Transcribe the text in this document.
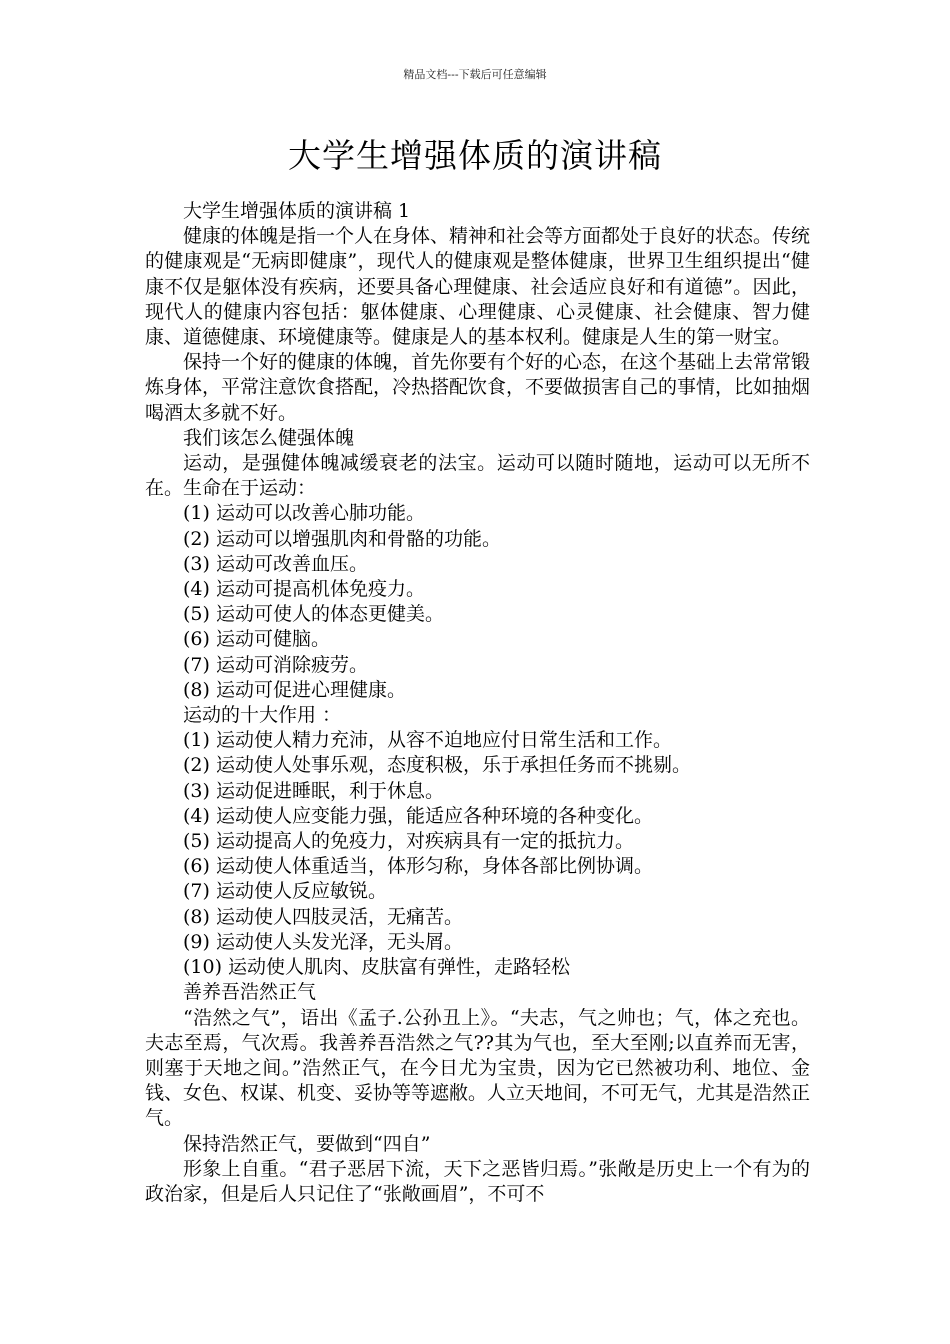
精品文档---下载后可任意编辑
大学生增强体质的演讲稿

大学生增强体质的演讲稿 1

健康的体魄是指一个人在身体、精神和社会等方面都处于良好的状态。传统的健康观是“无病即健康”，现代人的健康观是整体健康，世界卫生组织提出“健康不仅是躯体没有疾病，还要具备心理健康、社会适应良好和有道德”。因此，现代人的健康内容包括：躯体健康、心理健康、心灵健康、社会健康、智力健康、道德健康、环境健康等。健康是人的基本权利。健康是人生的第一财宝。

保持一个好的健康的体魄，首先你要有个好的心态，在这个基础上去常常锻炼身体，平常注意饮食搭配，冷热搭配饮食，不要做损害自己的事情，比如抽烟喝酒太多就不好。

我们该怎么健强体魄

运动，是强健体魄减缓衰老的法宝。运动可以随时随地，运动可以无所不在。生命在于运动：

(1) 运动可以改善心肺功能。

(2) 运动可以增强肌肉和骨骼的功能。

(3) 运动可改善血压。

(4) 运动可提高机体免疫力。

(5) 运动可使人的体态更健美。

(6) 运动可健脑。

(7) 运动可消除疲劳。

(8) 运动可促进心理健康。

运动的十大作用 ：

(1) 运动使人精力充沛，从容不迫地应付日常生活和工作。

(2) 运动使人处事乐观，态度积极，乐于承担任务而不挑剔。

(3) 运动促进睡眠，利于休息。

(4) 运动使人应变能力强，能适应各种环境的各种变化。

(5) 运动提高人的免疫力，对疾病具有一定的抵抗力。

(6) 运动使人体重适当，体形匀称，身体各部比例协调。

(7) 运动使人反应敏锐。

(8) 运动使人四肢灵活，无痛苦。

(9) 运动使人头发光泽，无头屑。

(10) 运动使人肌肉、皮肤富有弹性，走路轻松

善养吾浩然正气

“浩然之气”，语出《孟子.公孙丑上》。“夫志，气之帅也；气，体之充也。夫志至焉，气次焉。我善养吾浩然之气??其为气也，至大至刚;以直养而无害，则塞于天地之间。”浩然正气，在今日尤为宝贵，因为它已然被功利、地位、金钱、女色、权谋、机变、妥协等等遮敝。人立天地间，不可无气，尤其是浩然正气。

保持浩然正气，要做到“四自”

形象上自重。“君子恶居下流，天下之恶皆归焉。”张敞是历史上一个有为的政治家，但是后人只记住了“张敞画眉”，不可不
